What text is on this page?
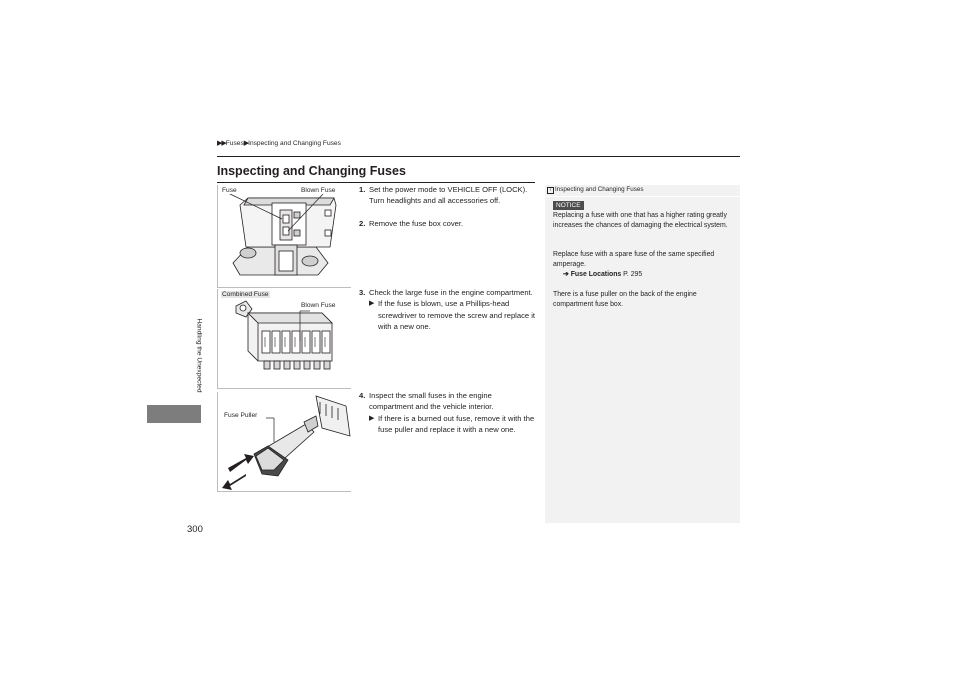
▶▶Fuses▶Inspecting and Changing Fuses
Inspecting and Changing Fuses
Fuse	Blown Fuse
Combined Fuse
Blown Fuse
Fuse Puller
1. Set the power mode to VEHICLE OFF (LOCK).
Turn headlights and all accessories off.
2. Remove the fuse box cover.
3. Check the large fuse in the engine compartment.
▶ If the fuse is blown, use a Phillips-head screwdriver to remove the screw and replace it with a new one.
4. Inspect the small fuses in the engine compartment and the vehicle interior.
▶ If there is a burned out fuse, remove it with the fuse puller and replace it with a new one.
Handling the Unexpected
300
› Inspecting and Changing Fuses
NOTICE
Replacing a fuse with one that has a higher rating greatly increases the chances of damaging the electrical system.
Replace fuse with a spare fuse of the same specified amperage.
➔ Fuse Locations P. 295
There is a fuse puller on the back of the engine compartment fuse box.
